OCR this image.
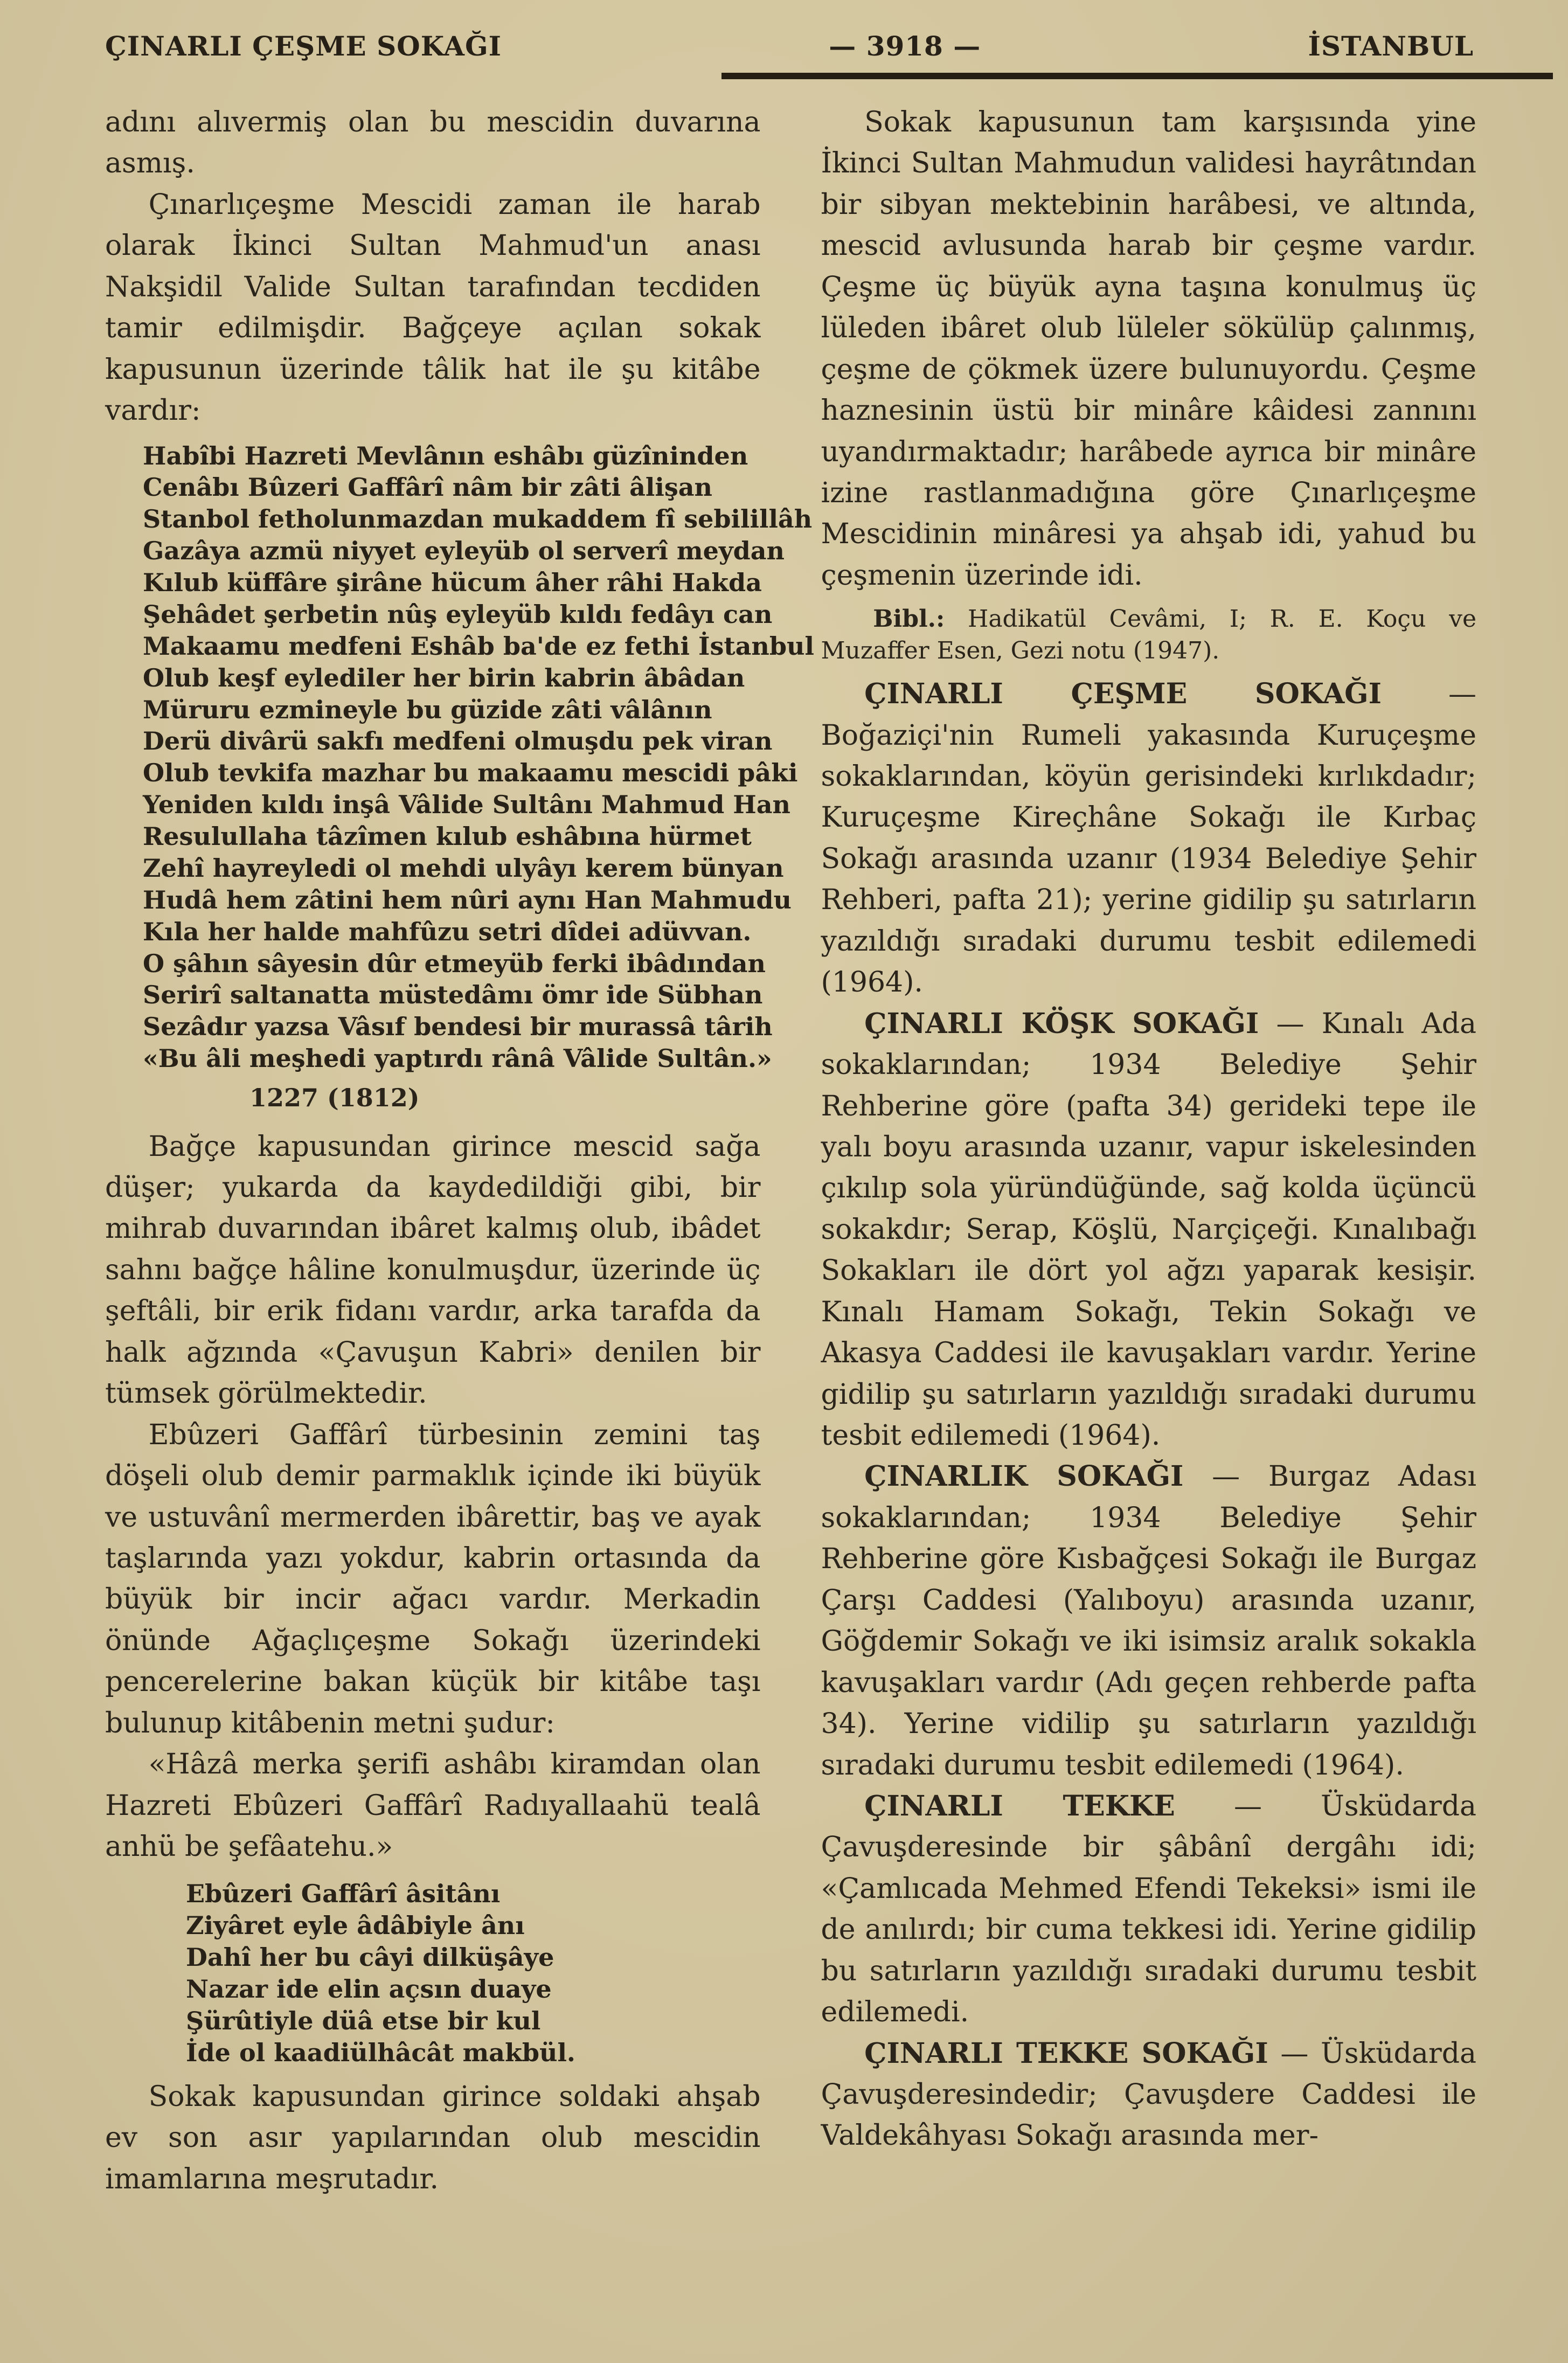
ÇINARLI ÇEŞME SOKAĞI	— 3918 —	İSTANBUL

adını alıvermiş olan bu mescidin duvarına asmış.

Çınarlıçeşme Mescidi zaman ile harab olarak İkinci Sultan Mahmud'un anası Nakşidil Valide Sultan tarafından tecdiden tamir edilmişdir. Bağçeye açılan sokak kapusunun üzerinde tâlik hat ile şu kitâbe vardır:

Habîbi Hazreti Mevlânın eshâbı güzîninden
Cenâbı Bûzeri Gaffârî nâm bir zâti âlişan
Stanbol fetholunmazdan mukaddem fî sebilillâh
Gazâya azmü niyyet eyleyüb ol serverî meydan
Kılub küffâre şirâne hücum âher râhi Hakda
Şehâdet şerbetin nûş eyleyüb kıldı fedâyı can
Makaamu medfeni Eshâb ba'de ez fethi İstanbul
Olub keşf eylediler her birin kabrin âbâdan
Müruru ezmineyle bu güzide zâti vâlânın
Derü divârü sakfı medfeni olmuşdu pek viran
Olub tevkifa mazhar bu makaamu mescidi pâki
Yeniden kıldı inşâ Vâlide Sultânı Mahmud Han
Resulullaha tâzîmen kılub eshâbına hürmet
Zehî hayreyledi ol mehdi ulyâyı kerem bünyan
Hudâ hem zâtini hem nûri aynı Han Mahmudu
Kıla her halde mahfûzu setri dîdei adüvvan.
O şâhın sâyesin dûr etmeyüb ferki ibâdından
Serirî saltanatta müstedâmı ömr ide Sübhan
Sezâdır yazsa Vâsıf bendesi bir murassâ târih
«Bu âli meşhedi yaptırdı rânâ Vâlide Sultân.»
1227 (1812)

Bağçe kapusundan girince mescid sağa düşer; yukarda da kaydedildiği gibi, bir mihrab duvarından ibâret kalmış olub, ibâdet sahnı bağçe hâline konulmuşdur, üzerinde üç şeftâli, bir erik fidanı vardır, arka tarafda da halk ağzında «Çavuşun Kabri» denilen bir tümsek görülmektedir.

Ebûzeri Gaffârî türbesinin zemini taş döşeli olub demir parmaklık içinde iki büyük ve ustuvânî mermerden ibârettir, baş ve ayak taşlarında yazı yokdur, kabrin ortasında da büyük bir incir ağacı vardır. Merkadin önünde Ağaçlıçeşme Sokağı üzerindeki pencerelerine bakan küçük bir kitâbe taşı bulunup kitâbenin metni şudur:

«Hâzâ merka şerifi ashâbı kiramdan olan Hazreti Ebûzeri Gaffârî Radıyallaahü tealâ anhü be şefâatehu.»

Ebûzeri Gaffârî âsitânı
Ziyâret eyle âdâbiyle ânı
Dahî her bu câyi dilküşâye
Nazar ide elin açsın duaye
Şürûtiyle düâ etse bir kul
İde ol kaadiülhâcât makbül.

Sokak kapusundan girince soldaki ahşab ev son asır yapılarından olub mescidin imamlarına meşrutadır.

Sokak kapusunun tam karşısında yine İkinci Sultan Mahmudun validesi hayrâtından bir sibyan mektebinin harâbesi, ve altında, mescid avlusunda harab bir çeşme vardır. Çeşme üç büyük ayna taşına konulmuş üç lüleden ibâret olub lüleler sökülüp çalınmış, çeşme de çökmek üzere bulunuyordu. Çeşme haznesinin üstü bir minâre kâidesi zannını uyandırmaktadır; harâbede ayrıca bir minâre izine rastlanmadığına göre Çınarlıçeşme Mescidinin minâresi ya ahşab idi, yahud bu çeşmenin üzerinde idi.

Bibl.: Hadikatül Cevâmi, I; R. E. Koçu ve Muzaffer Esen, Gezi notu (1947).

ÇINARLI ÇEŞME SOKAĞI — Boğaziçi'nin Rumeli yakasında Kuruçeşme sokaklarından, köyün gerisindeki kırlıkdadır; Kuruçeşme Kireçhâne Sokağı ile Kırbaç Sokağı arasında uzanır (1934 Belediye Şehir Rehberi, pafta 21); yerine gidilip şu satırların yazıldığı sıradaki durumu tesbit edilemedi (1964).

ÇINARLI KÖŞK SOKAĞI — Kınalı Ada sokaklarından; 1934 Belediye Şehir Rehberine göre (pafta 34) gerideki tepe ile yalı boyu arasında uzanır, vapur iskelesinden çıkılıp sola yüründüğünde, sağ kolda üçüncü sokakdır; Serap, Köşlü, Narçiçeği. Kınalıbağı Sokakları ile dört yol ağzı yaparak kesişir. Kınalı Hamam Sokağı, Tekin Sokağı ve Akasya Caddesi ile kavuşakları vardır. Yerine gidilip şu satırların yazıldığı sıradaki durumu tesbit edilemedi (1964).

ÇINARLIK SOKAĞI — Burgaz Adası sokaklarından; 1934 Belediye Şehir Rehberine göre Kısbağçesi Sokağı ile Burgaz Çarşı Caddesi (Yalıboyu) arasında uzanır, Göğdemir Sokağı ve iki isimsiz aralık sokakla kavuşakları vardır (Adı geçen rehberde pafta 34). Yerine vidilip şu satırların yazıldığı sıradaki durumu tesbit edilemedi (1964).

ÇINARLI TEKKE — Üsküdarda Çavuşderesinde bir şâbânî dergâhı idi; «Çamlıcada Mehmed Efendi Tekeksi» ismi ile de anılırdı; bir cuma tekkesi idi. Yerine gidilip bu satırların yazıldığı sıradaki durumu tesbit edilemedi.

ÇINARLI TEKKE SOKAĞI — Üsküdarda Çavuşderesindedir; Çavuşdere Caddesi ile Valdekâhyası Sokağı arasında mer-
